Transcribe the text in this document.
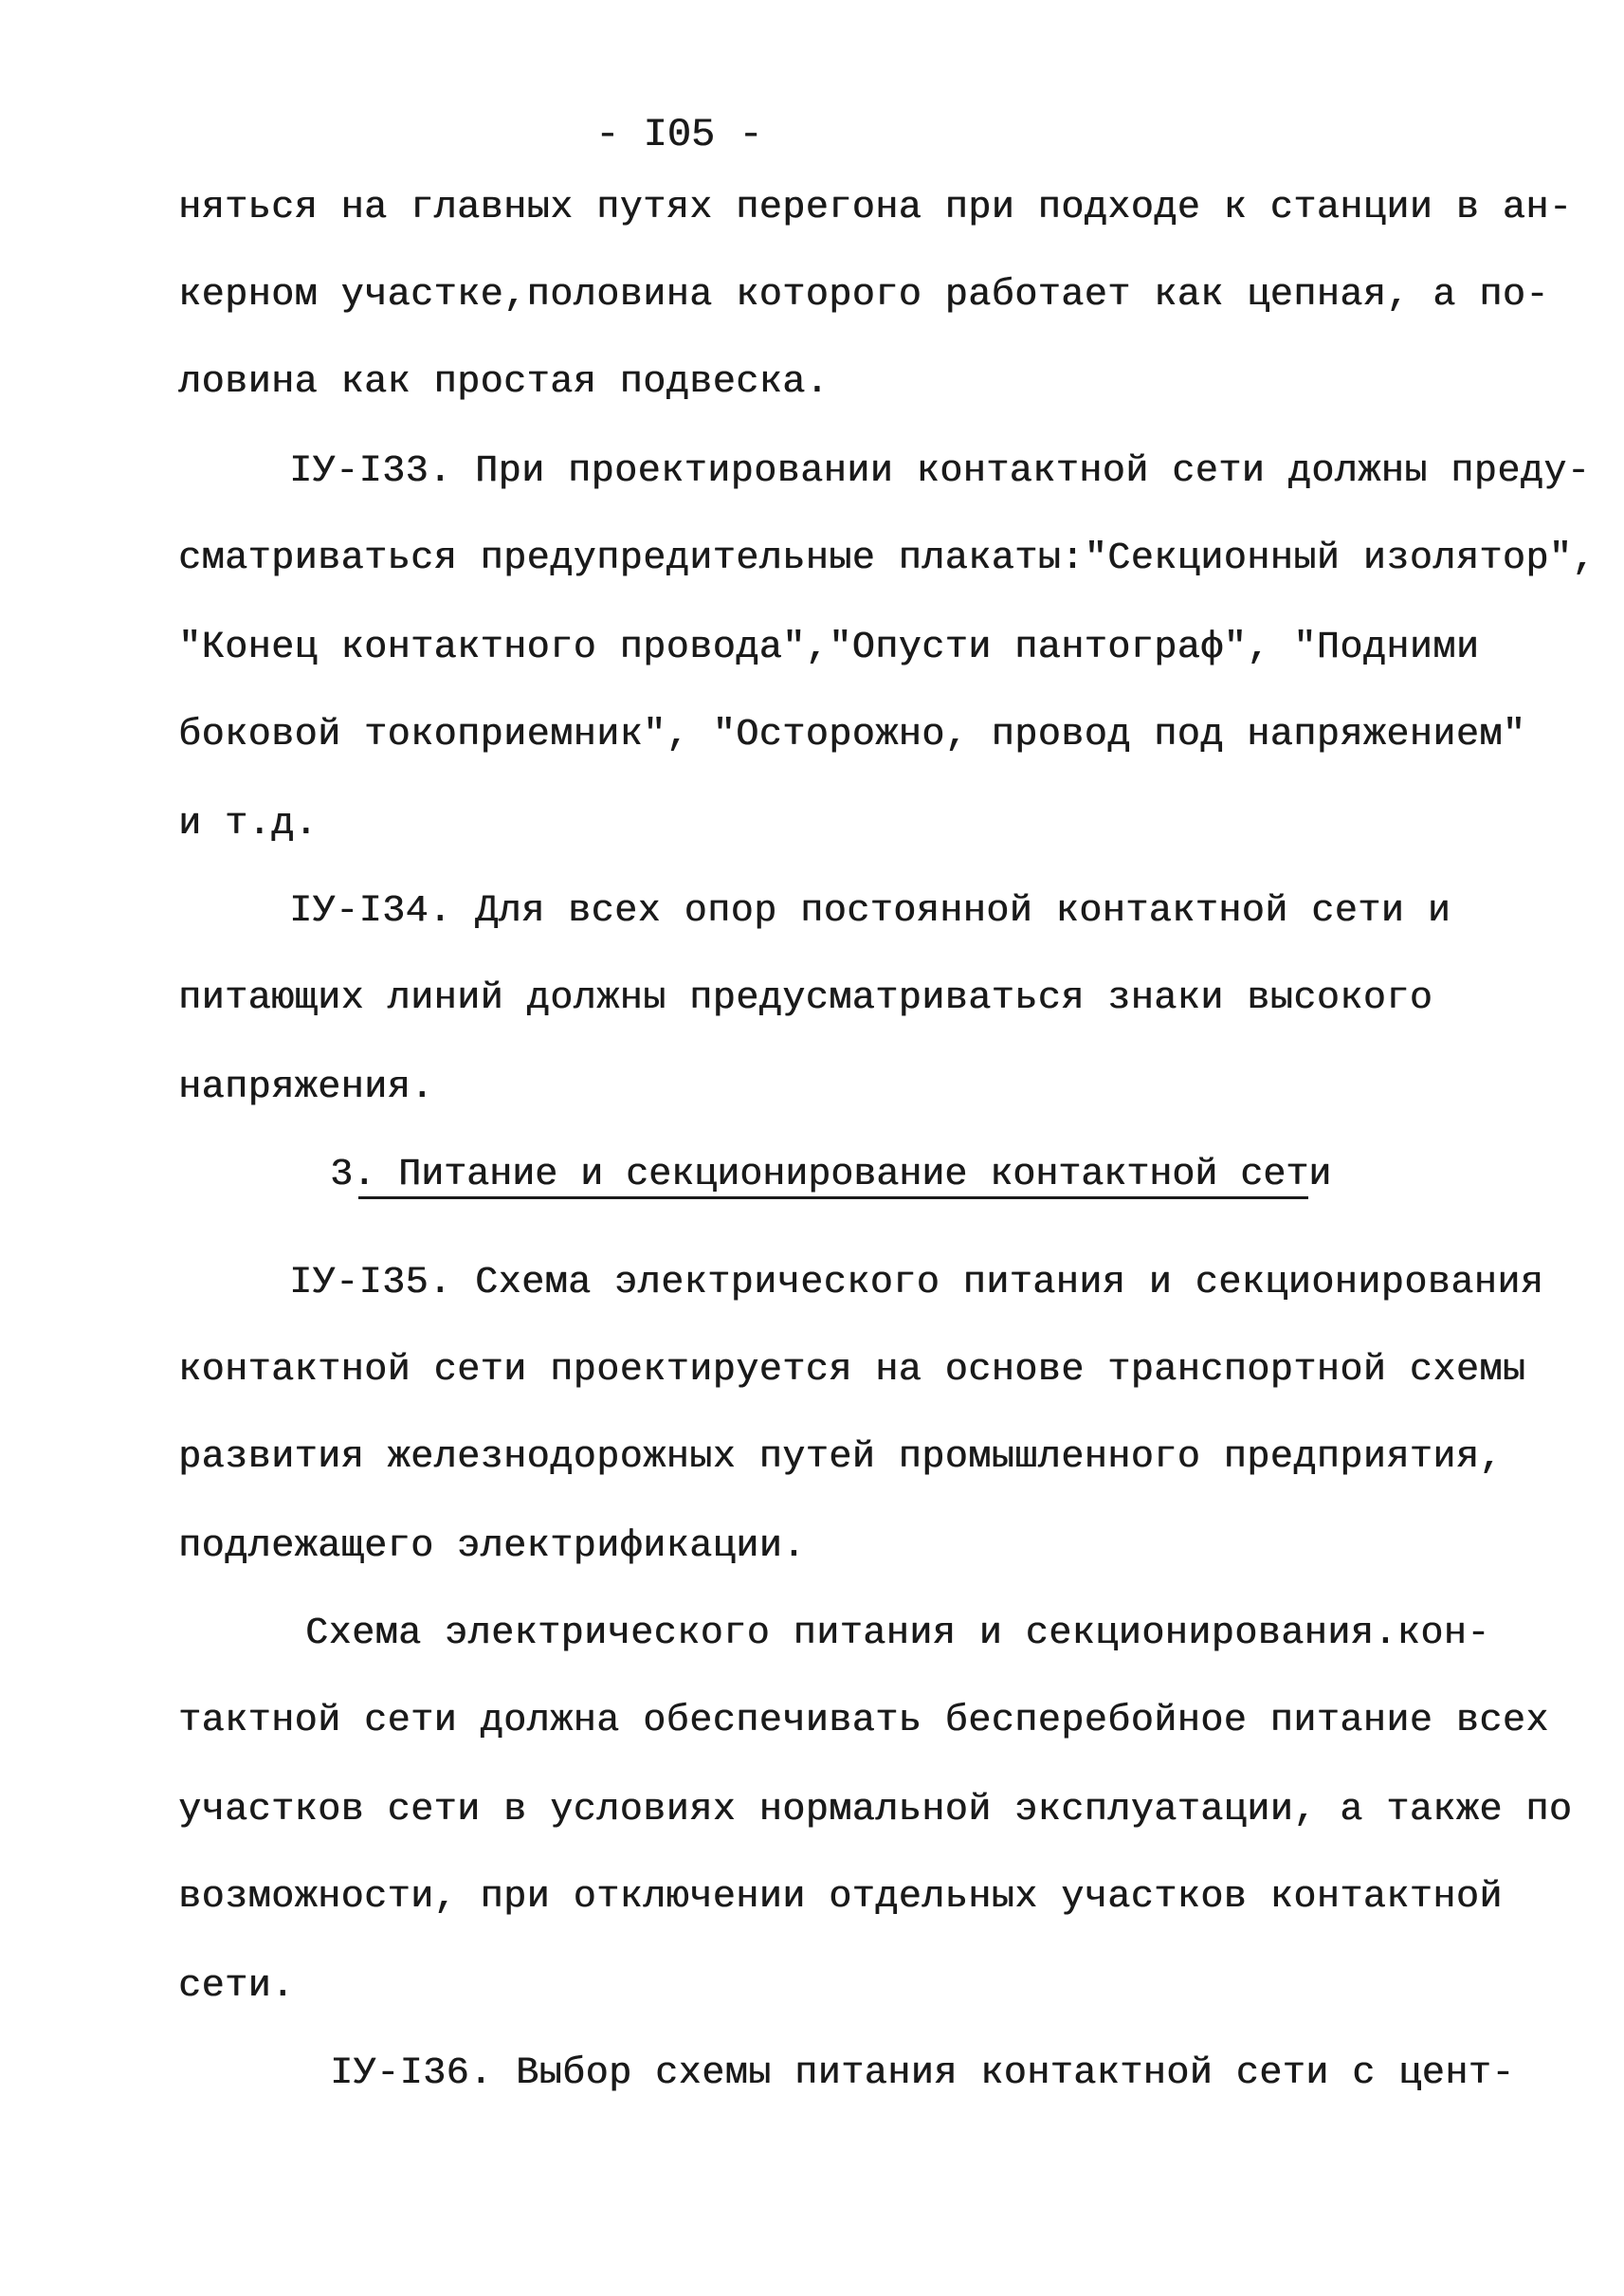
- I05 -
няться на главных путях перегона при подходе к станции в ан-
керном участке,половина которого работает как цепная, а по-
ловина как простая подвеска.
IУ-I33. При проектировании контактной сети должны преду-
сматриваться предупредительные плакаты:"Секционный изолятор",
"Конец контактного провода","Опусти пантограф", "Подними
боковой токоприемник", "Осторожно, провод под напряжением"
и т.д.
IУ-I34. Для всех опор постоянной контактной сети и
питающих линий должны предусматриваться знаки высокого
напряжения.
3. Питание и секционирование контактной сети
IУ-I35. Схема электрического питания и секционирования
контактной сети проектируется на основе транспортной схемы
развития железнодорожных путей промышленного предприятия,
подлежащего электрификации.
Схема электрического питания и секционирования.кон-
тактной сети должна обеспечивать бесперебойное питание всех
участков сети в условиях нормальной эксплуатации, а также по
возможности, при отключении отдельных участков контактной
сети.
IУ-I36. Выбор схемы питания контактной сети с цент-
